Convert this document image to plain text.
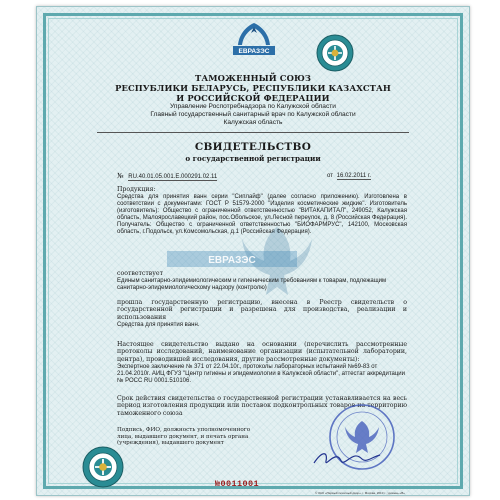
ЕВРАЗЭС
ТАМОЖЕННЫЙ СОЮЗ
РЕСПУБЛИКИ БЕЛАРУСЬ, РЕСПУБЛИКИ КАЗАХСТАН
И РОССИЙСКОЙ ФЕДЕРАЦИИ
Управление Роспотребнадзора по Калужской области
Главный государственный санитарный врач по Калужской области
Калужская область
СВИДЕТЕЛЬСТВО
о государственной регистрации
№ RU.40.01.05.001.Е.000291.02.11	от 16.02.2011 г.
Продукция:
Средства для принятия ванн серии "Сиплайф" (далее согласно приложению). Изготовлена в соответствии с документами: ГОСТ Р 51579-2000 "Изделия косметические жидкие". Изготовитель (изготовитель): Общество с ограниченной ответственностью "ВИТАКАПИТАЛ", 249052, Калужская область, Малоярославецкий район, пос.Обольское, ул.Лесной переулок, д. 8 (Российская Федерация). Получатель: Общество с ограниченной ответственностью "БИОФАРМРУС", 142100, Московская область, г.Подольск, ул.Комсомольская, д.1 (Российская Федерация).
ЕВРАЗЭС
соответствует
Единым санитарно-эпидемиологическим и гигиеническим требованиям к товарам, подлежащим санитарно-эпидемиологическому надзору (контролю)
прошла государственную регистрацию, внесена в Реестр свидетельств о государственной регистрации и разрешена для производства, реализации и использования
Средства для принятия ванн.
Настоящее свидетельство выдано на основании (перечислить рассмотренные протоколы исследований, наименование организации (испытательной лаборатории, центра), проводившей исследования, другие рассмотренные документы):
Экспертное заключение № 371 от 22.04.10г., протоколы лабораторных испытаний №69-83 от 21.04.2010г. АИЦ ФГУЗ "Центр гигиены и эпидемиологии в Калужской области", аттестат аккредитации № РОСС RU 0001.510106.
Срок действия свидетельства о государственной регистрации устанавливается на весь период изготовления продукции или поставок подконтрольных товаров на территорию таможенного союза
Подпись, ФИО, должность уполномоченного лица, выдавшего документ, и печать органа (учреждения), выдавшего документ
№0011001
© ЗАО «Первый печатный двор», г. Москва, 2010 г., уровень «В»
